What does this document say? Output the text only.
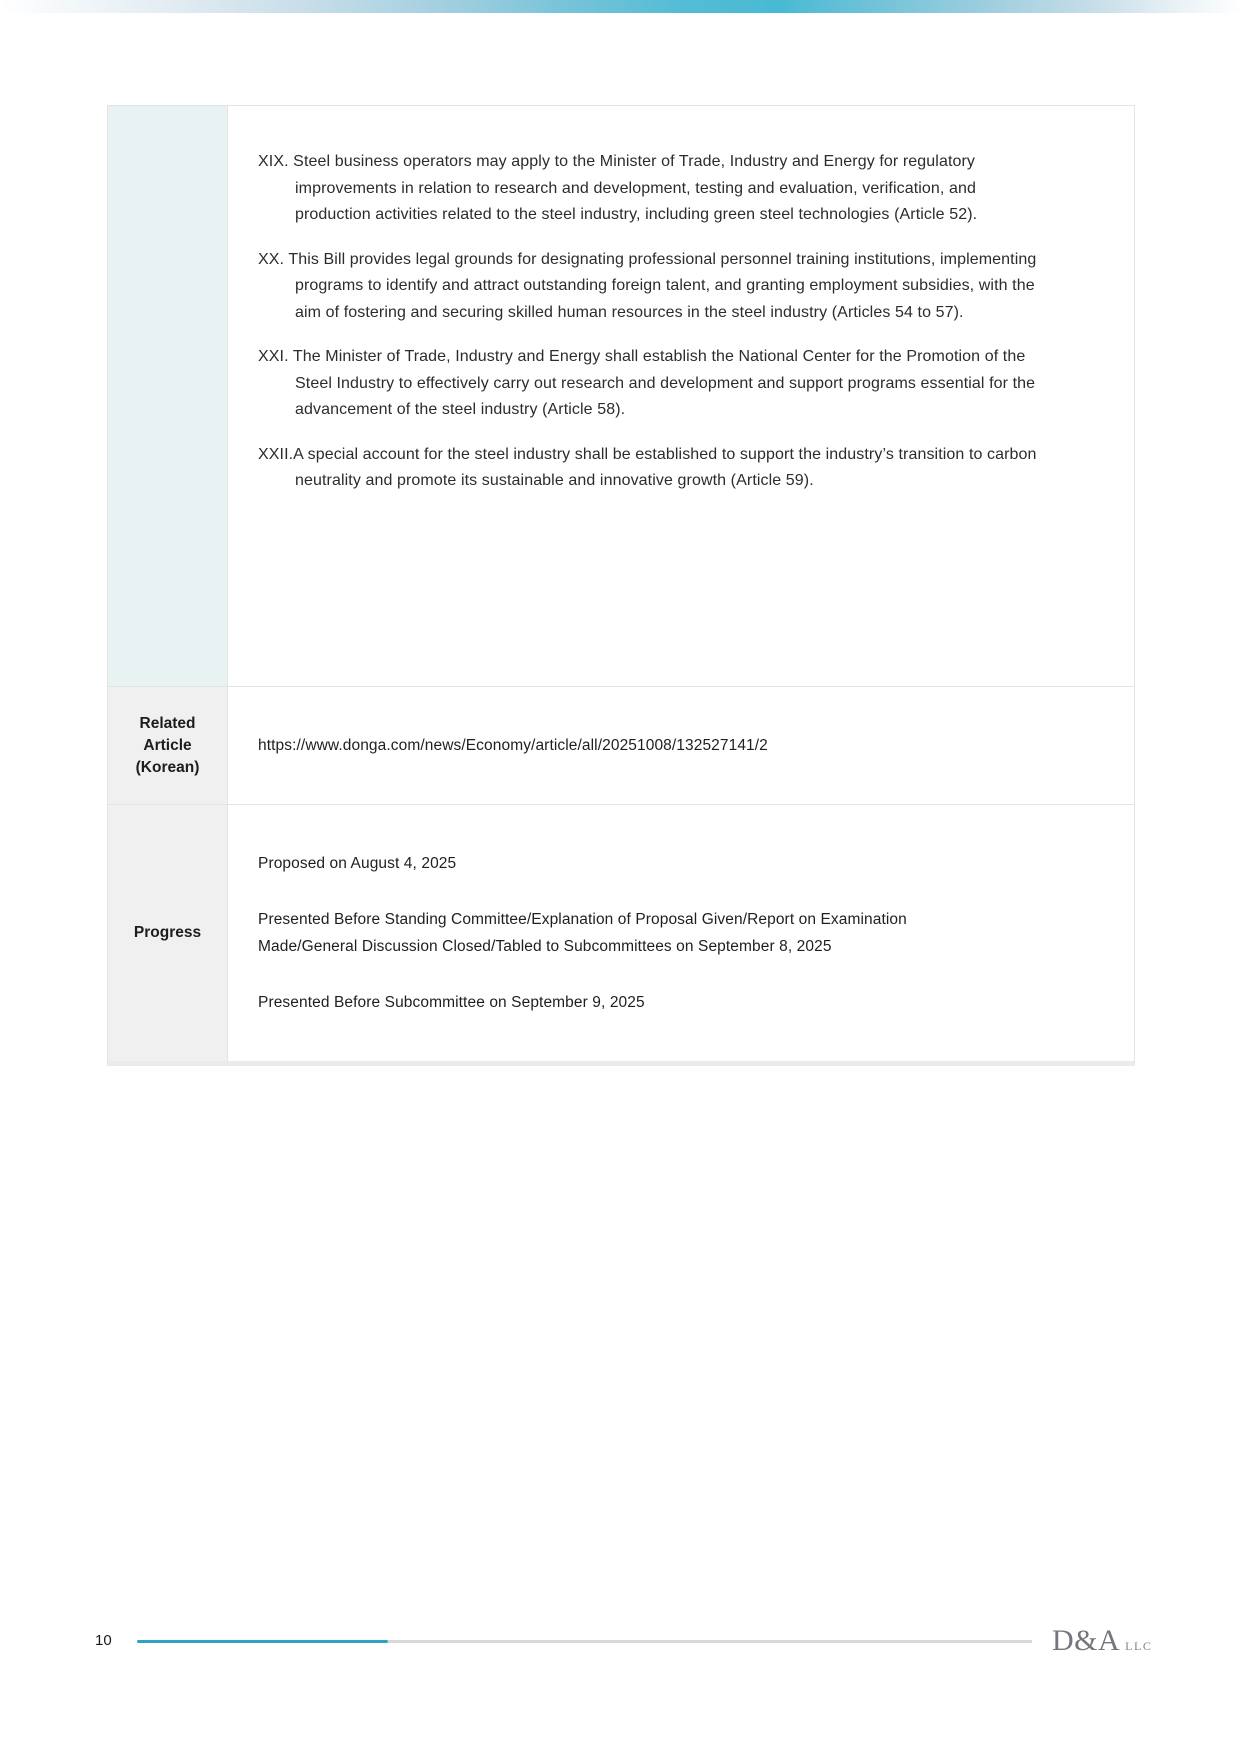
XIX. Steel business operators may apply to the Minister of Trade, Industry and Energy for regulatory improvements in relation to research and development, testing and evaluation, verification, and production activities related to the steel industry, including green steel technologies (Article 52).

XX. This Bill provides legal grounds for designating professional personnel training institutions, implementing programs to identify and attract outstanding foreign talent, and granting employment subsidies, with the aim of fostering and securing skilled human resources in the steel industry (Articles 54 to 57).

XXI. The Minister of Trade, Industry and Energy shall establish the National Center for the Promotion of the Steel Industry to effectively carry out research and development and support programs essential for the advancement of the steel industry (Article 58).

XXII.A special account for the steel industry shall be established to support the industry’s transition to carbon neutrality and promote its sustainable and innovative growth (Article 59).

Related
Article
(Korean)
https://www.donga.com/news/Economy/article/all/20251008/132527141/2
Progress

Proposed on August 4, 2025

Presented Before Standing Committee/Explanation of Proposal Given/Report on Examination Made/General Discussion Closed/Tabled to Subcommittees on September 8, 2025

Presented Before Subcommittee on September 9, 2025

10	D&A LLC
